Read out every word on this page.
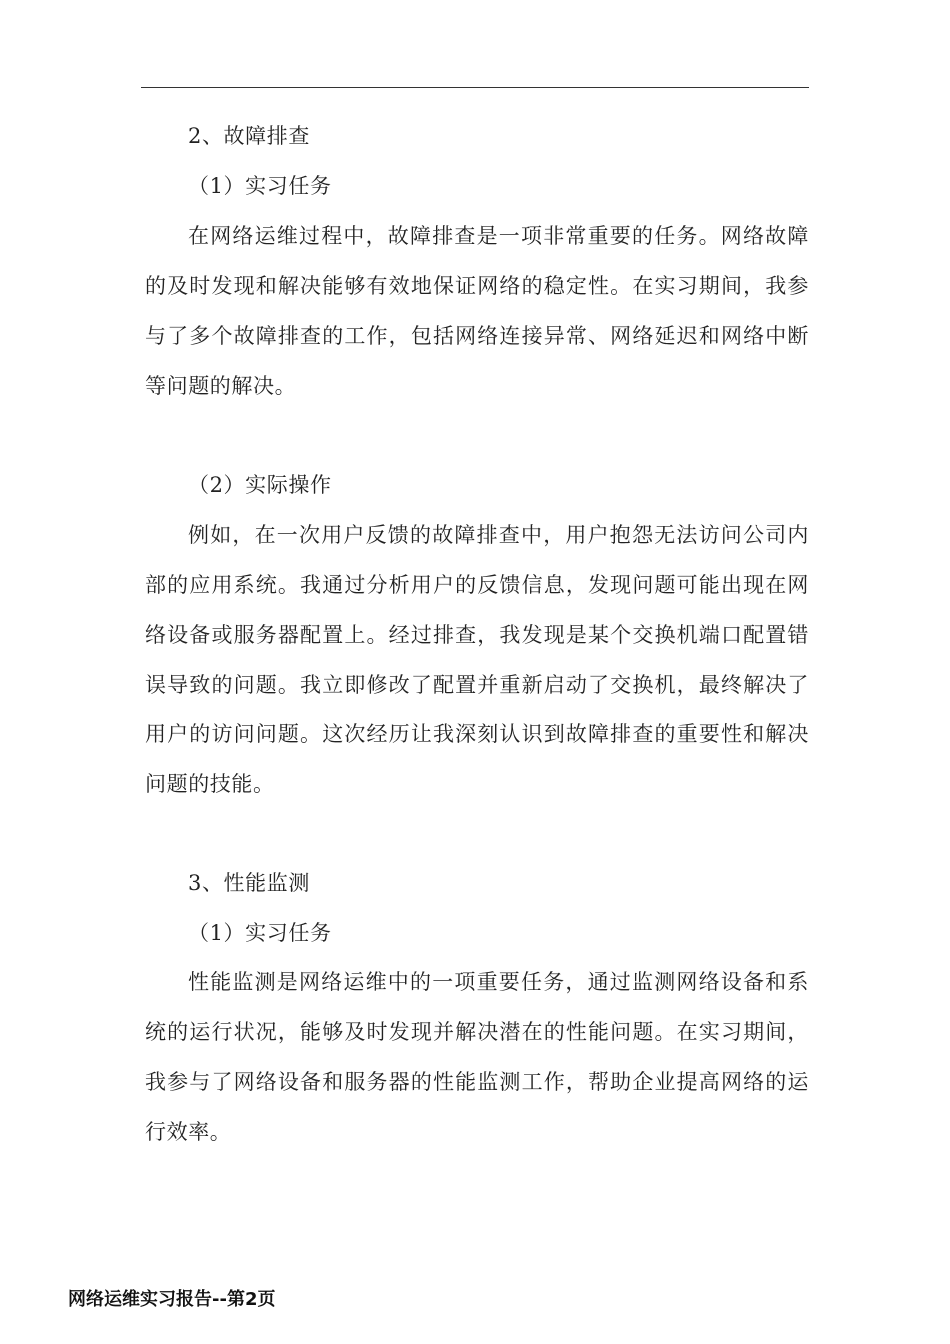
2、故障排查
（1）实习任务
在网络运维过程中，故障排查是一项非常重要的任务。网络故障
的及时发现和解决能够有效地保证网络的稳定性。在实习期间，我参
与了多个故障排查的工作，包括网络连接异常、网络延迟和网络中断
等问题的解决。
（2）实际操作
例如，在一次用户反馈的故障排查中，用户抱怨无法访问公司内
部的应用系统。我通过分析用户的反馈信息，发现问题可能出现在网
络设备或服务器配置上。经过排查，我发现是某个交换机端口配置错
误导致的问题。我立即修改了配置并重新启动了交换机，最终解决了
用户的访问问题。这次经历让我深刻认识到故障排查的重要性和解决
问题的技能。
3、性能监测
（1）实习任务
性能监测是网络运维中的一项重要任务，通过监测网络设备和系
统的运行状况，能够及时发现并解决潜在的性能问题。在实习期间，
我参与了网络设备和服务器的性能监测工作，帮助企业提高网络的运
行效率。
网络运维实习报告--第2页
